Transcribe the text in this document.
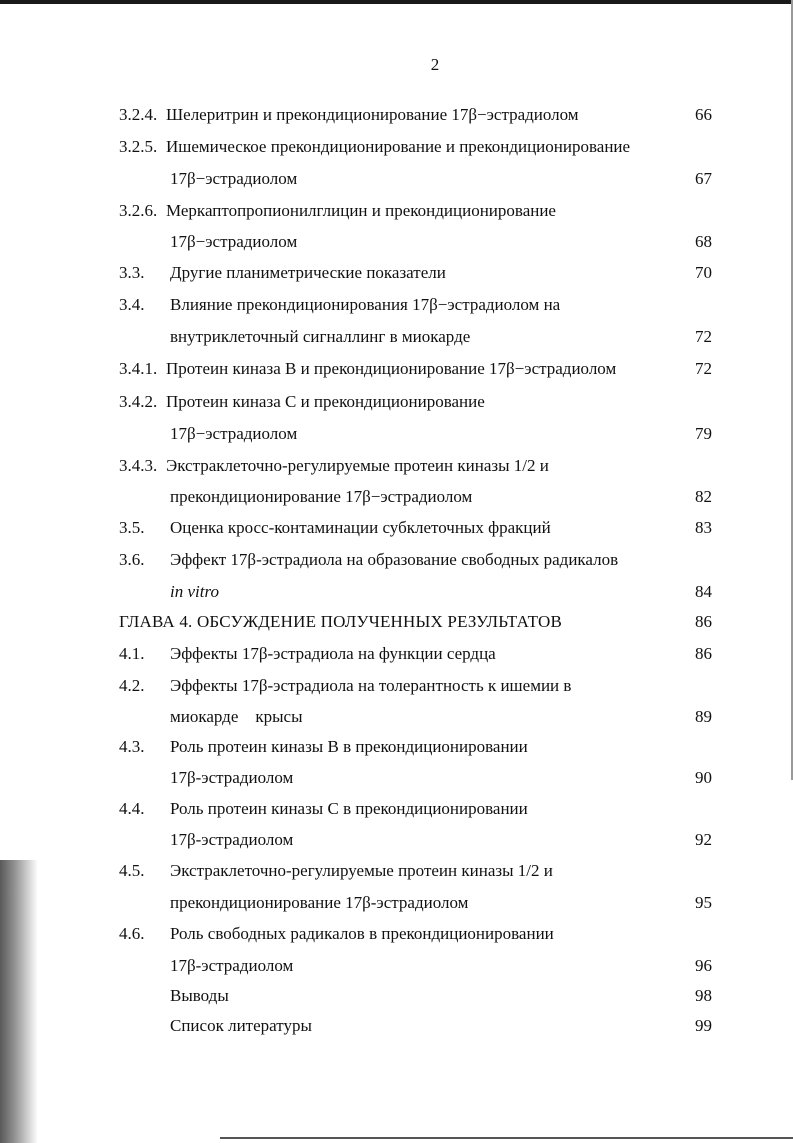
2
3.2.4. Шелеритрин и прекондиционирование 17β−эстрадиолом	66
3.2.5. Ишемическое прекондиционирование и прекондиционирование
17β−эстрадиолом	67
3.2.6. Меркаптопропионилглицин и прекондиционирование
17β−эстрадиолом	68
3.3. Другие планиметрические показатели	70
3.4. Влияние прекондиционирования 17β−эстрадиолом на
внутриклеточный сигналлинг в миокарде	72
3.4.1. Протеин киназа В и прекондиционирование 17β−эстрадиолом	72
3.4.2. Протеин киназа С и прекондиционирование
17β−эстрадиолом	79
3.4.3. Экстраклеточно-регулируемые протеин киназы 1/2 и
прекондиционирование 17β−эстрадиолом	82
3.5. Оценка кросс-контаминации субклеточных фракций	83
3.6. Эффект 17β-эстрадиола на образование свободных радикалов
in vitro	84
ГЛАВА 4. ОБСУЖДЕНИЕ ПОЛУЧЕННЫХ РЕЗУЛЬТАТОВ	86
4.1. Эффекты 17β-эстрадиола на функции сердца	86
4.2. Эффекты 17β-эстрадиола на толерантность к ишемии в
миокарде    крысы	89
4.3. Роль протеин киназы В в прекондиционировании
17β-эстрадиолом	90
4.4. Роль протеин киназы С в прекондиционировании
17β-эстрадиолом	92
4.5. Экстраклеточно-регулируемые протеин киназы 1/2 и
прекондиционирование 17β-эстрадиолом	95
4.6. Роль свободных радикалов в прекондиционировании
17β-эстрадиолом	96
Выводы	98
Список литературы	99
